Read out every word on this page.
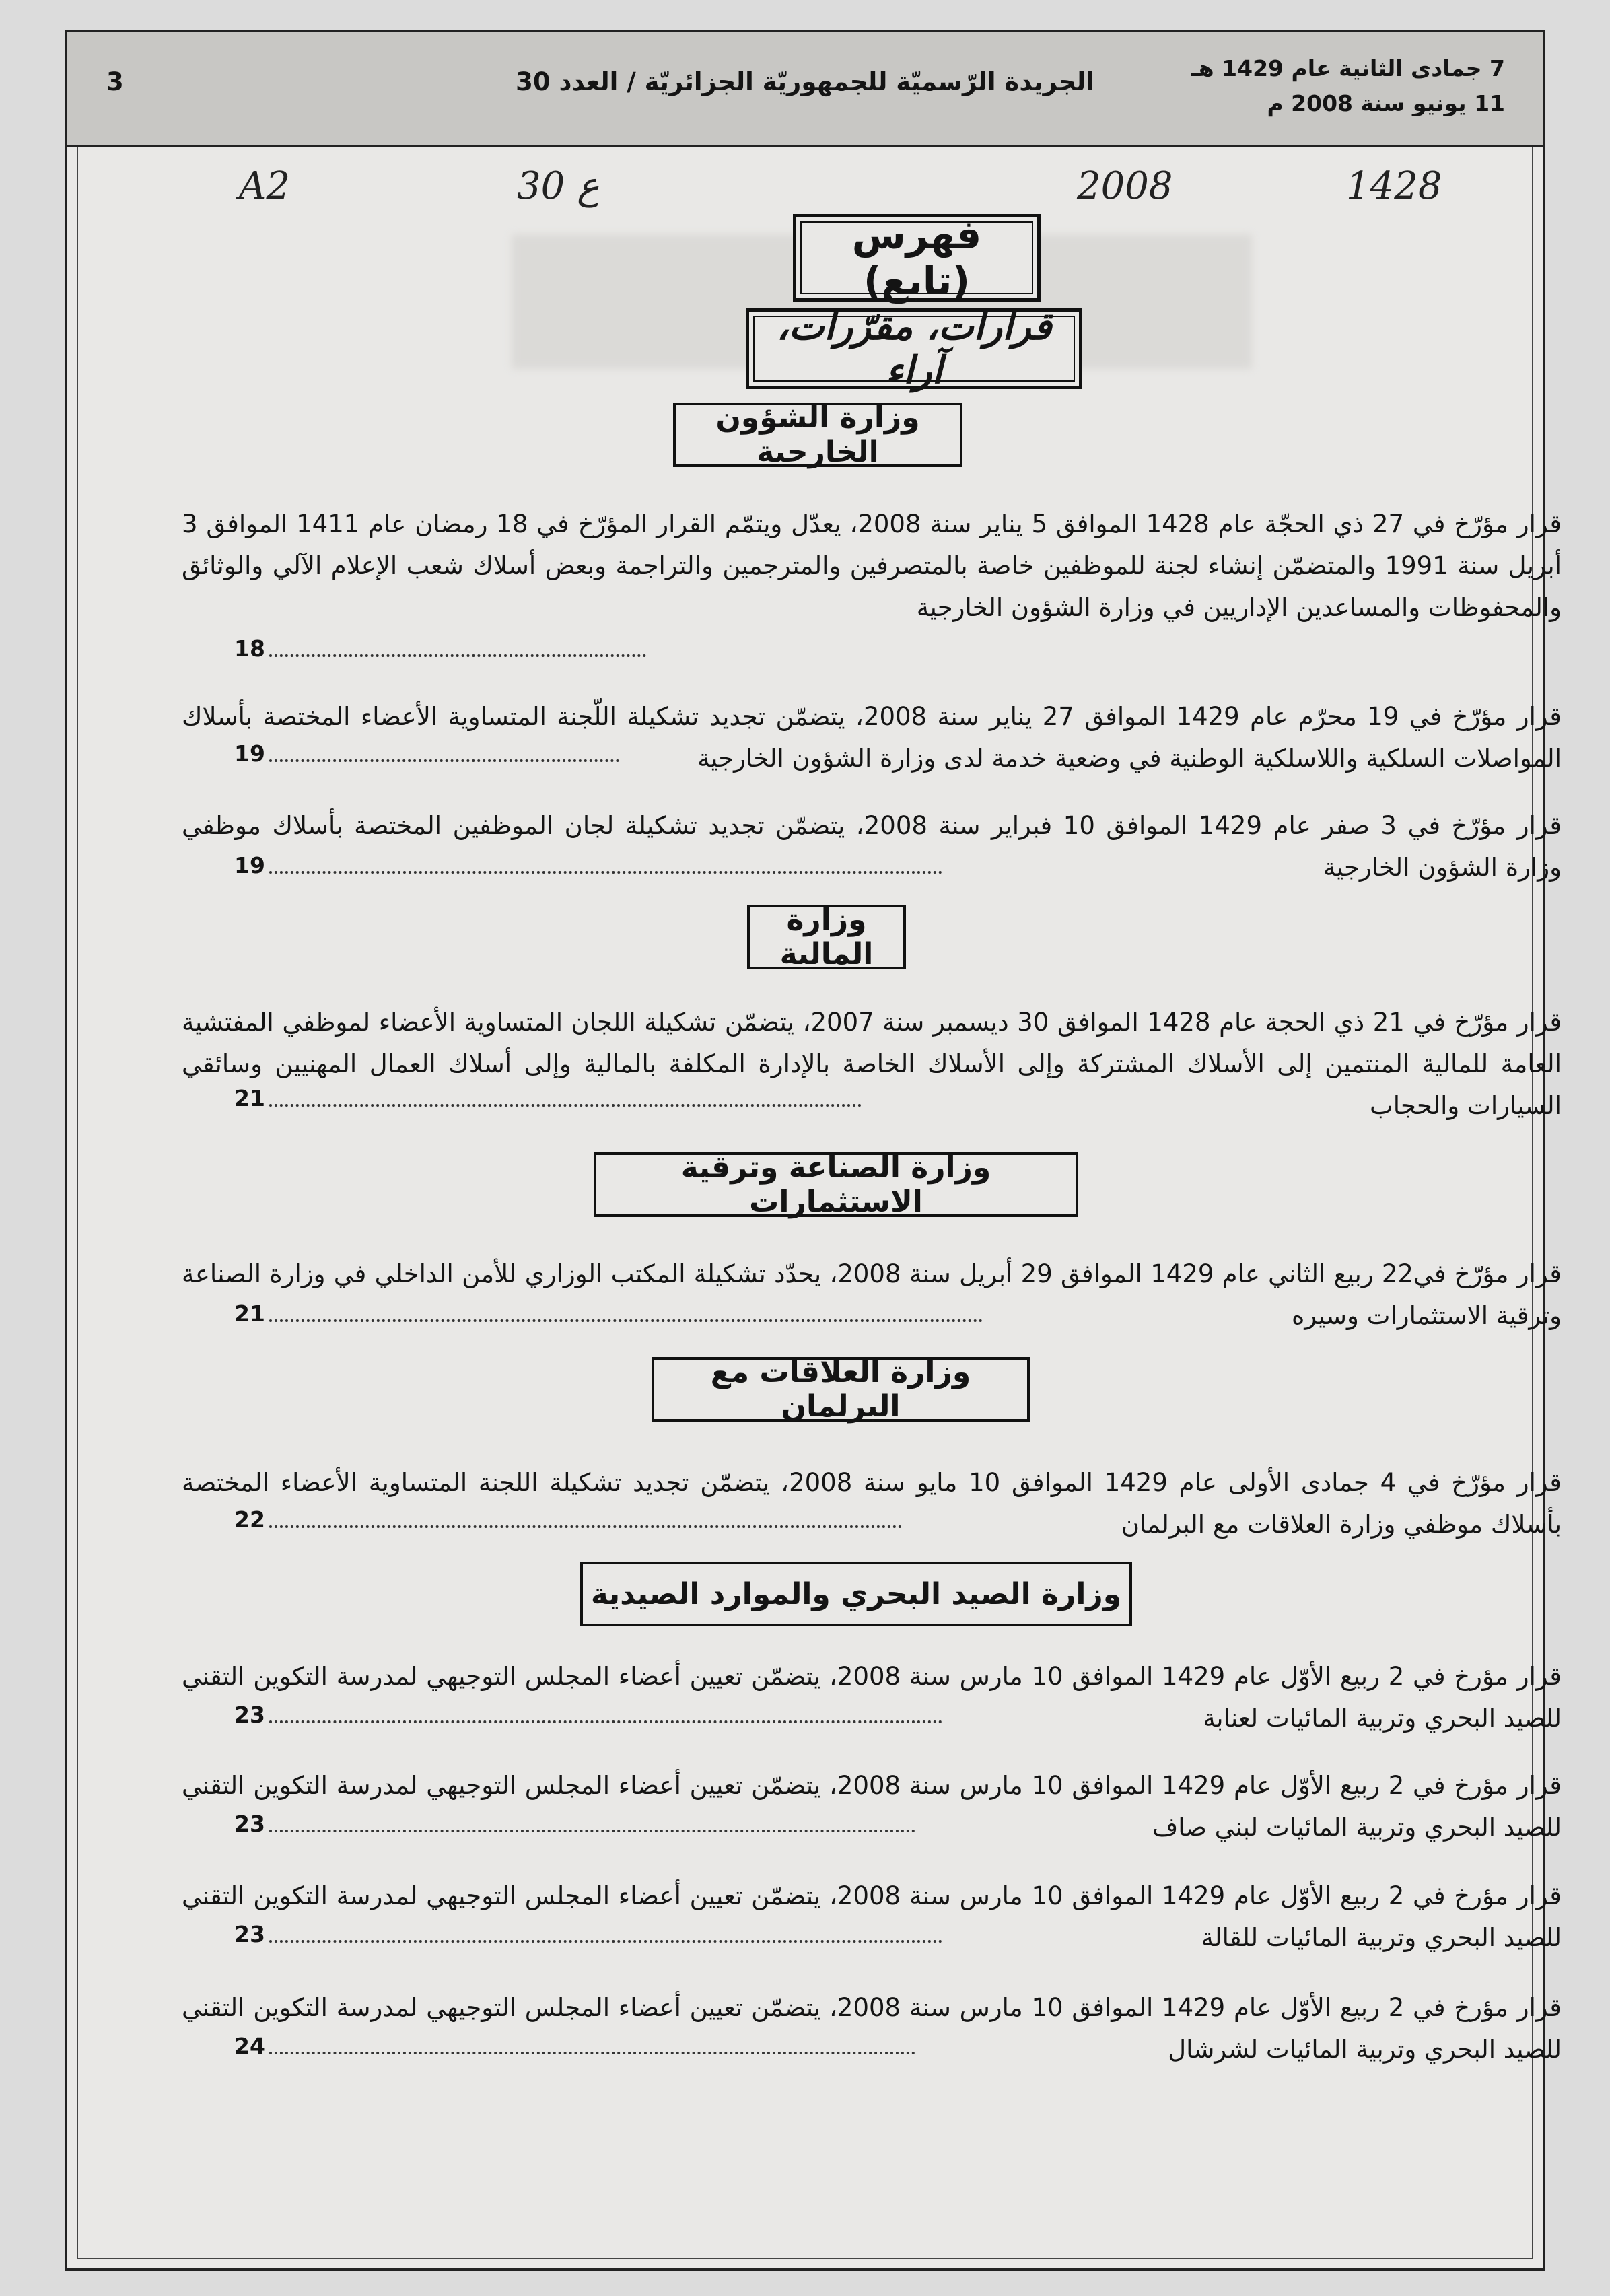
7 جمادى الثانية عام 1429 هـ
11 يونيو سنة 2008 م
الجريدة الرّسميّة للجمهوريّة الجزائريّة / العدد 30
3
A2	30 ع	2008	1428
فهرس (تابع)
قرارات، مقرّرات، آراء
وزارة الشؤون الخارجية

قرار مؤرّخ في 27 ذي الحجّة عام 1428 الموافق 5 يناير سنة 2008، يعدّل ويتمّم القرار المؤرّخ في 18 رمضان عام 1411 الموافق 3 أبريل سنة 1991 والمتضمّن إنشاء لجنة للموظفين خاصة بالمتصرفين والمترجمين والتراجمة وبعض أسلاك شعب الإعلام الآلي والوثائق والمحفوظات والمساعدين الإداريين في وزارة الشؤون الخارجية

18

قرار مؤرّخ في 19 محرّم عام 1429 الموافق 27 يناير سنة 2008، يتضمّن تجديد تشكيلة اللّجنة المتساوية الأعضاء المختصة بأسلاك المواصلات السلكية واللاسلكية الوطنية في وضعية خدمة لدى وزارة الشؤون الخارجية

19

قرار مؤرّخ في 3 صفر عام 1429 الموافق 10 فبراير سنة 2008، يتضمّن تجديد تشكيلة لجان الموظفين المختصة بأسلاك موظفي وزارة الشؤون الخارجية

19
وزارة المالية

قرار مؤرّخ في 21 ذي الحجة عام 1428 الموافق 30 ديسمبر سنة 2007، يتضمّن تشكيلة اللجان المتساوية الأعضاء لموظفي المفتشية العامة للمالية المنتمين إلى الأسلاك المشتركة وإلى الأسلاك الخاصة بالإدارة المكلفة بالمالية وإلى أسلاك العمال المهنيين وسائقي السيارات والحجاب

21
وزارة الصناعة وترقية الاستثمارات

قرار مؤرّخ في22 ربيع الثاني عام 1429 الموافق 29 أبريل سنة 2008، يحدّد تشكيلة المكتب الوزاري للأمن الداخلي في وزارة الصناعة وترقية الاستثمارات وسيره

21
وزارة العلاقات مع البرلمان

قرار مؤرّخ في 4 جمادى الأولى عام 1429 الموافق 10 مايو سنة 2008، يتضمّن تجديد تشكيلة اللجنة المتساوية الأعضاء المختصة بأسلاك موظفي وزارة العلاقات مع البرلمان

22
وزارة الصيد البحري والموارد الصيدية

قرار مؤرخ في 2 ربيع الأوّل عام 1429 الموافق 10 مارس سنة 2008، يتضمّن تعيين أعضاء المجلس التوجيهي لمدرسة التكوين التقني للصيد البحري وتربية المائيات لعنابة

23

قرار مؤرخ في 2 ربيع الأوّل عام 1429 الموافق 10 مارس سنة 2008، يتضمّن تعيين أعضاء المجلس التوجيهي لمدرسة التكوين التقني للصيد البحري وتربية المائيات لبني صاف

23

قرار مؤرخ في 2 ربيع الأوّل عام 1429 الموافق 10 مارس سنة 2008، يتضمّن تعيين أعضاء المجلس التوجيهي لمدرسة التكوين التقني للصيد البحري وتربية المائيات للقالة

23

قرار مؤرخ في 2 ربيع الأوّل عام 1429 الموافق 10 مارس سنة 2008، يتضمّن تعيين أعضاء المجلس التوجيهي لمدرسة التكوين التقني للصيد البحري وتربية المائيات لشرشال

24
